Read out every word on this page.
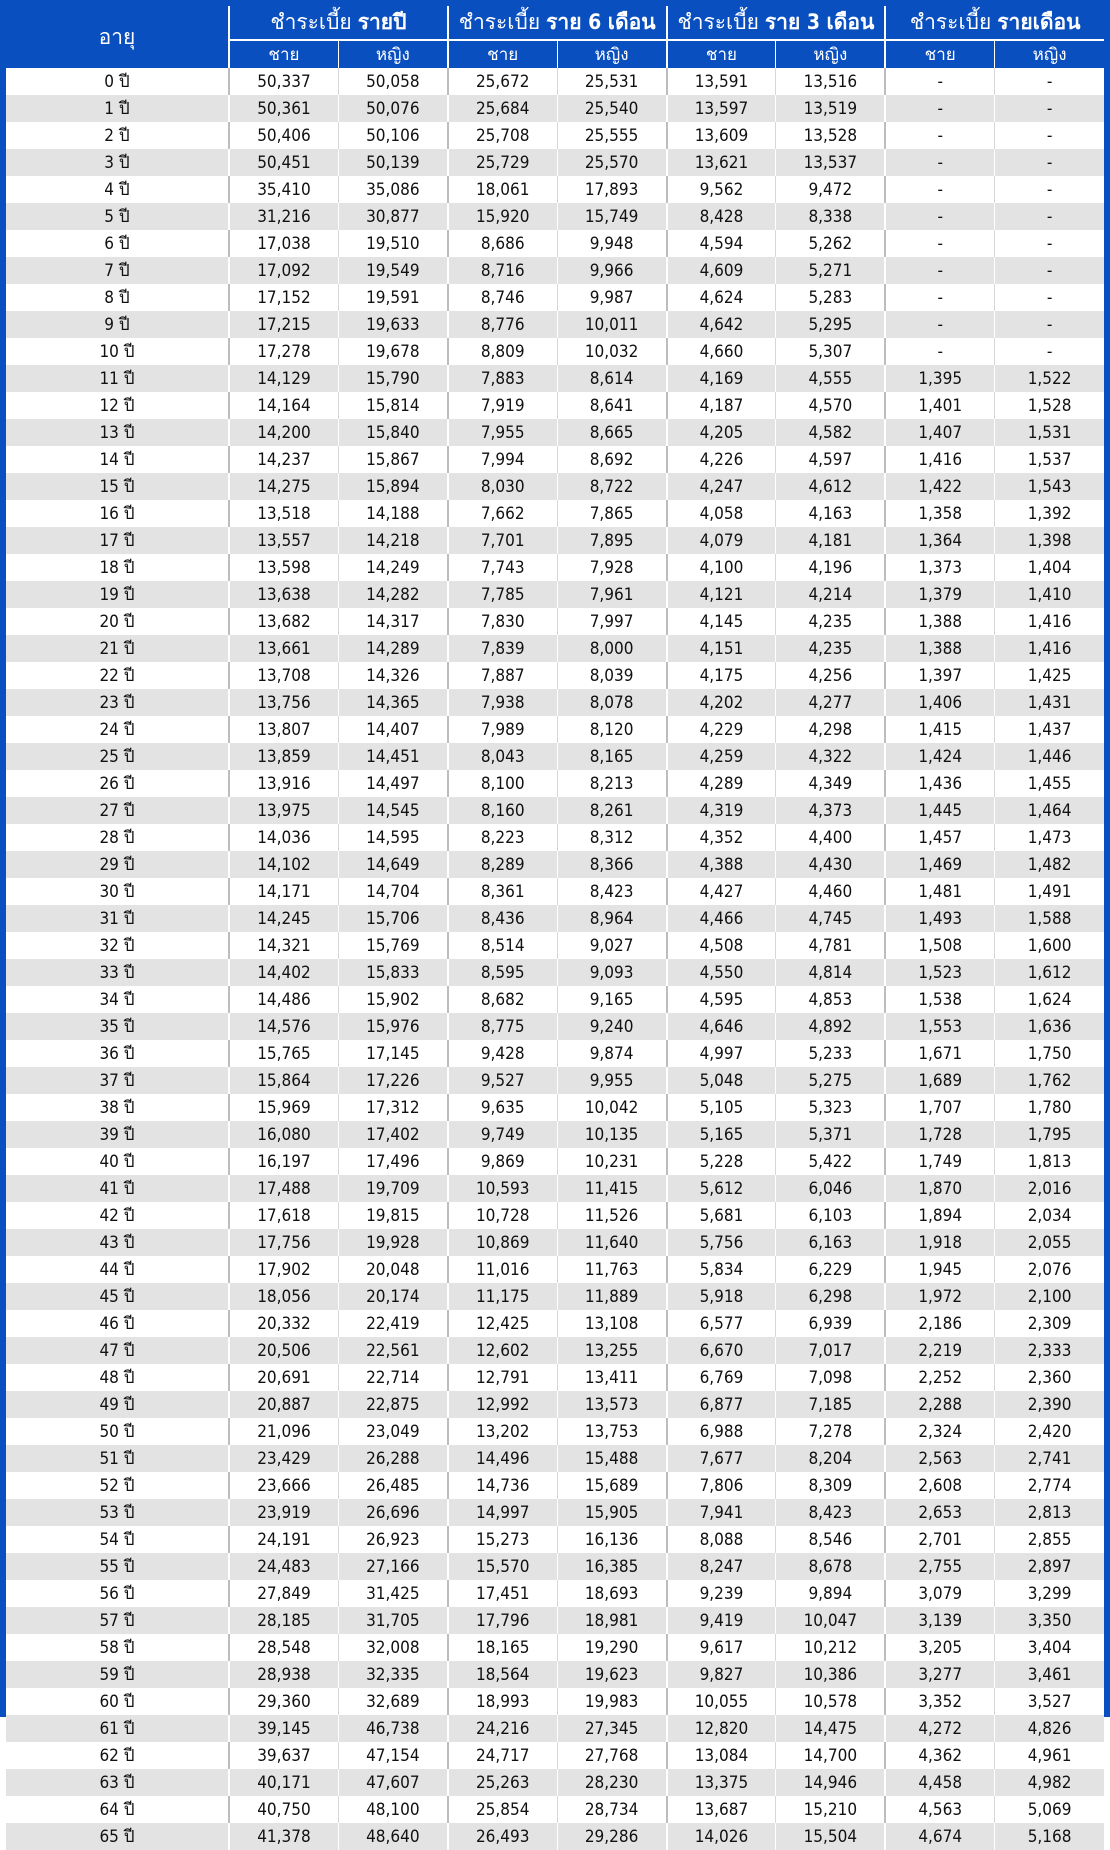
อายุ	ชำระเบี้ย รายปี		ชำระเบี้ย ราย 6 เดือน		ชำระเบี้ย ราย 3 เดือน		ชำระเบี้ย รายเดือน	
	ชาย	หญิง	ชาย	หญิง	ชาย	หญิง	ชาย	หญิง
0 ปี	50,337	50,058	25,672	25,531	13,591	13,516	-	-
1 ปี	50,361	50,076	25,684	25,540	13,597	13,519	-	-
2 ปี	50,406	50,106	25,708	25,555	13,609	13,528	-	-
3 ปี	50,451	50,139	25,729	25,570	13,621	13,537	-	-
4 ปี	35,410	35,086	18,061	17,893	9,562	9,472	-	-
5 ปี	31,216	30,877	15,920	15,749	8,428	8,338	-	-
6 ปี	17,038	19,510	8,686	9,948	4,594	5,262	-	-
7 ปี	17,092	19,549	8,716	9,966	4,609	5,271	-	-
8 ปี	17,152	19,591	8,746	9,987	4,624	5,283	-	-
9 ปี	17,215	19,633	8,776	10,011	4,642	5,295	-	-
10 ปี	17,278	19,678	8,809	10,032	4,660	5,307	-	-
11 ปี	14,129	15,790	7,883	8,614	4,169	4,555	1,395	1,522
12 ปี	14,164	15,814	7,919	8,641	4,187	4,570	1,401	1,528
13 ปี	14,200	15,840	7,955	8,665	4,205	4,582	1,407	1,531
14 ปี	14,237	15,867	7,994	8,692	4,226	4,597	1,416	1,537
15 ปี	14,275	15,894	8,030	8,722	4,247	4,612	1,422	1,543
16 ปี	13,518	14,188	7,662	7,865	4,058	4,163	1,358	1,392
17 ปี	13,557	14,218	7,701	7,895	4,079	4,181	1,364	1,398
18 ปี	13,598	14,249	7,743	7,928	4,100	4,196	1,373	1,404
19 ปี	13,638	14,282	7,785	7,961	4,121	4,214	1,379	1,410
20 ปี	13,682	14,317	7,830	7,997	4,145	4,235	1,388	1,416
21 ปี	13,661	14,289	7,839	8,000	4,151	4,235	1,388	1,416
22 ปี	13,708	14,326	7,887	8,039	4,175	4,256	1,397	1,425
23 ปี	13,756	14,365	7,938	8,078	4,202	4,277	1,406	1,431
24 ปี	13,807	14,407	7,989	8,120	4,229	4,298	1,415	1,437
25 ปี	13,859	14,451	8,043	8,165	4,259	4,322	1,424	1,446
26 ปี	13,916	14,497	8,100	8,213	4,289	4,349	1,436	1,455
27 ปี	13,975	14,545	8,160	8,261	4,319	4,373	1,445	1,464
28 ปี	14,036	14,595	8,223	8,312	4,352	4,400	1,457	1,473
29 ปี	14,102	14,649	8,289	8,366	4,388	4,430	1,469	1,482
30 ปี	14,171	14,704	8,361	8,423	4,427	4,460	1,481	1,491
31 ปี	14,245	15,706	8,436	8,964	4,466	4,745	1,493	1,588
32 ปี	14,321	15,769	8,514	9,027	4,508	4,781	1,508	1,600
33 ปี	14,402	15,833	8,595	9,093	4,550	4,814	1,523	1,612
34 ปี	14,486	15,902	8,682	9,165	4,595	4,853	1,538	1,624
35 ปี	14,576	15,976	8,775	9,240	4,646	4,892	1,553	1,636
36 ปี	15,765	17,145	9,428	9,874	4,997	5,233	1,671	1,750
37 ปี	15,864	17,226	9,527	9,955	5,048	5,275	1,689	1,762
38 ปี	15,969	17,312	9,635	10,042	5,105	5,323	1,707	1,780
39 ปี	16,080	17,402	9,749	10,135	5,165	5,371	1,728	1,795
40 ปี	16,197	17,496	9,869	10,231	5,228	5,422	1,749	1,813
41 ปี	17,488	19,709	10,593	11,415	5,612	6,046	1,870	2,016
42 ปี	17,618	19,815	10,728	11,526	5,681	6,103	1,894	2,034
43 ปี	17,756	19,928	10,869	11,640	5,756	6,163	1,918	2,055
44 ปี	17,902	20,048	11,016	11,763	5,834	6,229	1,945	2,076
45 ปี	18,056	20,174	11,175	11,889	5,918	6,298	1,972	2,100
46 ปี	20,332	22,419	12,425	13,108	6,577	6,939	2,186	2,309
47 ปี	20,506	22,561	12,602	13,255	6,670	7,017	2,219	2,333
48 ปี	20,691	22,714	12,791	13,411	6,769	7,098	2,252	2,360
49 ปี	20,887	22,875	12,992	13,573	6,877	7,185	2,288	2,390
50 ปี	21,096	23,049	13,202	13,753	6,988	7,278	2,324	2,420
51 ปี	23,429	26,288	14,496	15,488	7,677	8,204	2,563	2,741
52 ปี	23,666	26,485	14,736	15,689	7,806	8,309	2,608	2,774
53 ปี	23,919	26,696	14,997	15,905	7,941	8,423	2,653	2,813
54 ปี	24,191	26,923	15,273	16,136	8,088	8,546	2,701	2,855
55 ปี	24,483	27,166	15,570	16,385	8,247	8,678	2,755	2,897
56 ปี	27,849	31,425	17,451	18,693	9,239	9,894	3,079	3,299
57 ปี	28,185	31,705	17,796	18,981	9,419	10,047	3,139	3,350
58 ปี	28,548	32,008	18,165	19,290	9,617	10,212	3,205	3,404
59 ปี	28,938	32,335	18,564	19,623	9,827	10,386	3,277	3,461
60 ปี	29,360	32,689	18,993	19,983	10,055	10,578	3,352	3,527
61 ปี	39,145	46,738	24,216	27,345	12,820	14,475	4,272	4,826
62 ปี	39,637	47,154	24,717	27,768	13,084	14,700	4,362	4,961
63 ปี	40,171	47,607	25,263	28,230	13,375	14,946	4,458	4,982
64 ปี	40,750	48,100	25,854	28,734	13,687	15,210	4,563	5,069
65 ปี	41,378	48,640	26,493	29,286	14,026	15,504	4,674	5,168
